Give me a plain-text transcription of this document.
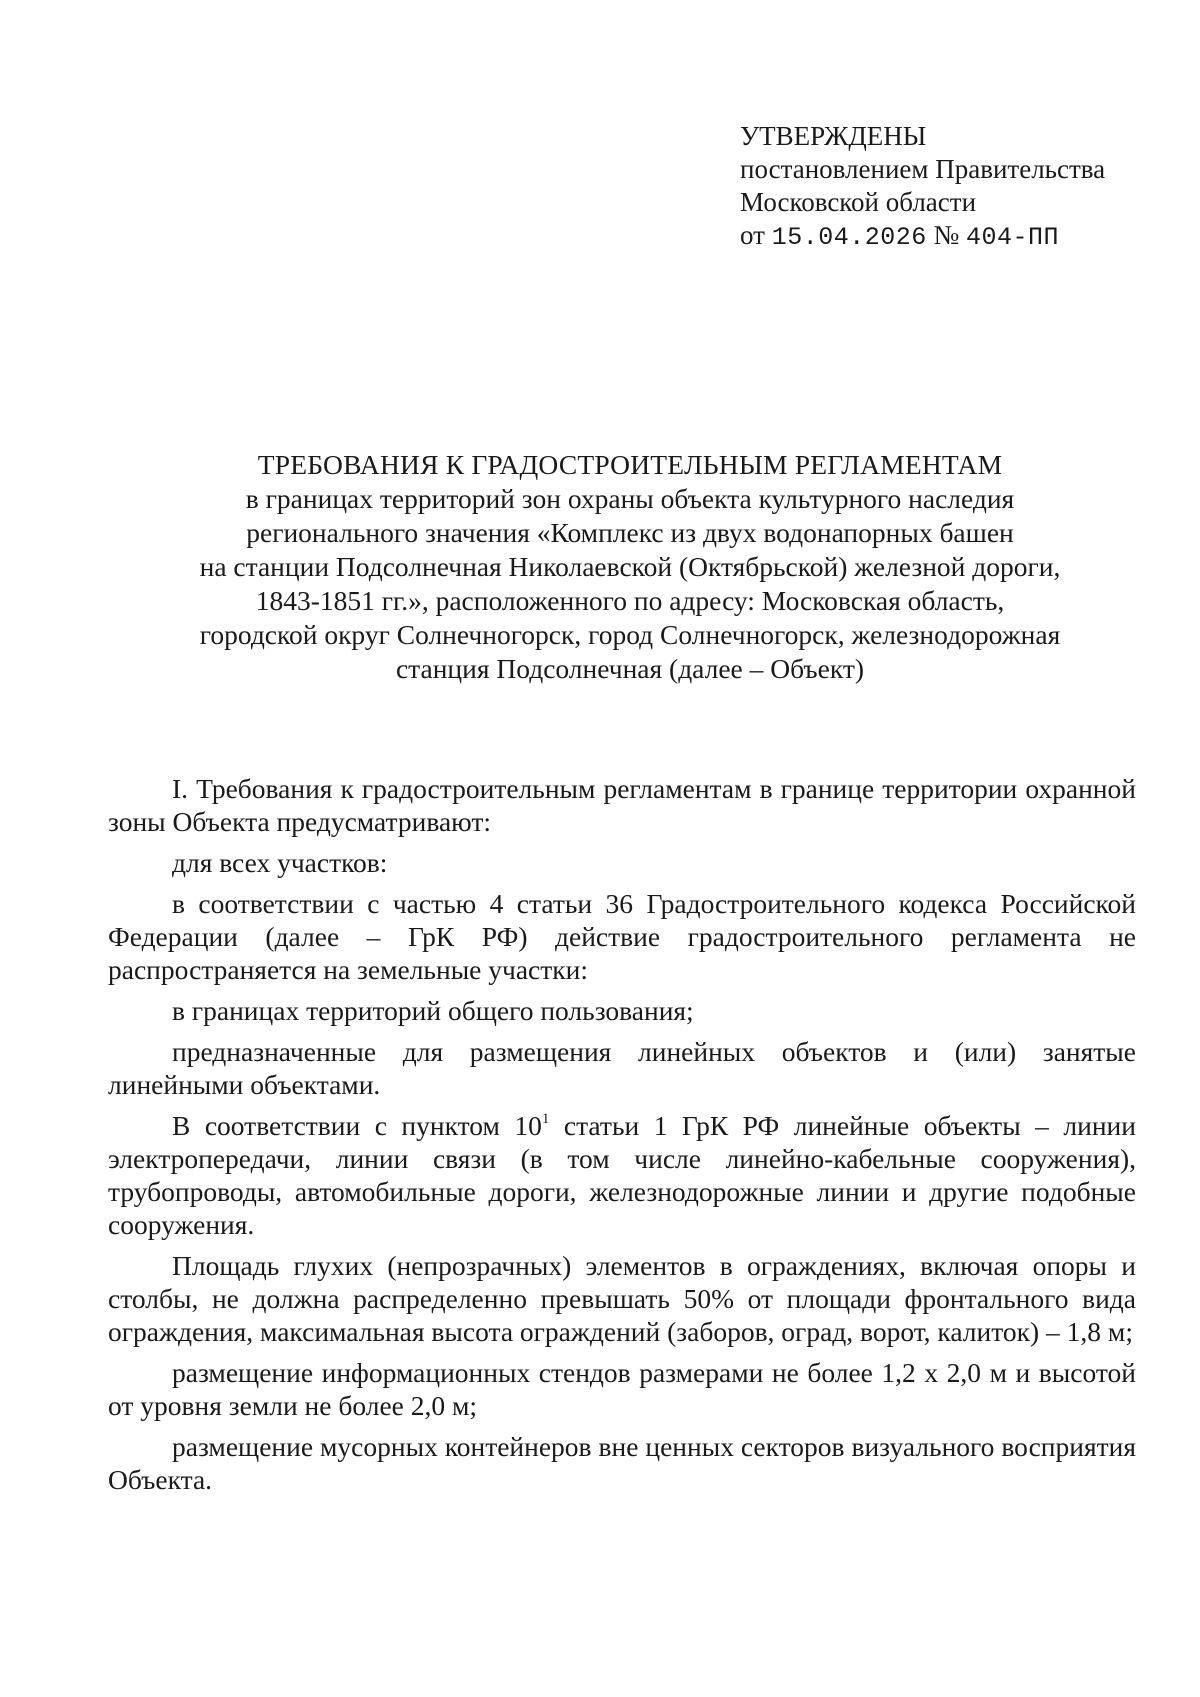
УТВЕРЖДЕНЫ
постановлением Правительства
Московской области
от 15.04.2026 № 404-ПП
ТРЕБОВАНИЯ К ГРАДОСТРОИТЕЛЬНЫМ РЕГЛАМЕНТАМ
в границах территорий зон охраны объекта культурного наследия
регионального значения «Комплекс из двух водонапорных башен
на станции Подсолнечная Николаевской (Октябрьской) железной дороги,
1843-1851 гг.», расположенного по адресу: Московская область,
городской округ Солнечногорск, город Солнечногорск, железнодорожная
станция Подсолнечная (далее – Объект)

I. Требования к градостроительным регламентам в границе территории охранной зоны Объекта предусматривают:

для всех участков:

в соответствии с частью 4 статьи 36 Градостроительного кодекса Российской Федерации (далее – ГрК РФ) действие градостроительного регламента не распространяется на земельные участки:

в границах территорий общего пользования;

предназначенные для размещения линейных объектов и (или) занятые линейными объектами.

В соответствии с пунктом $10^1$ статьи 1 ГрК РФ линейные объекты – линии электропередачи, линии связи (в том числе линейно-кабельные сооружения), трубопроводы, автомобильные дороги, железнодорожные линии и другие подобные сооружения.

Площадь глухих (непрозрачных) элементов в ограждениях, включая опоры и столбы, не должна распределенно превышать 50% от площади фронтального вида ограждения, максимальная высота ограждений (заборов, оград, ворот, калиток) – 1,8 м;

размещение информационных стендов размерами не более 1,2 х 2,0 м и высотой от уровня земли не более 2,0 м;

размещение мусорных контейнеров вне ценных секторов визуального восприятия Объекта.
